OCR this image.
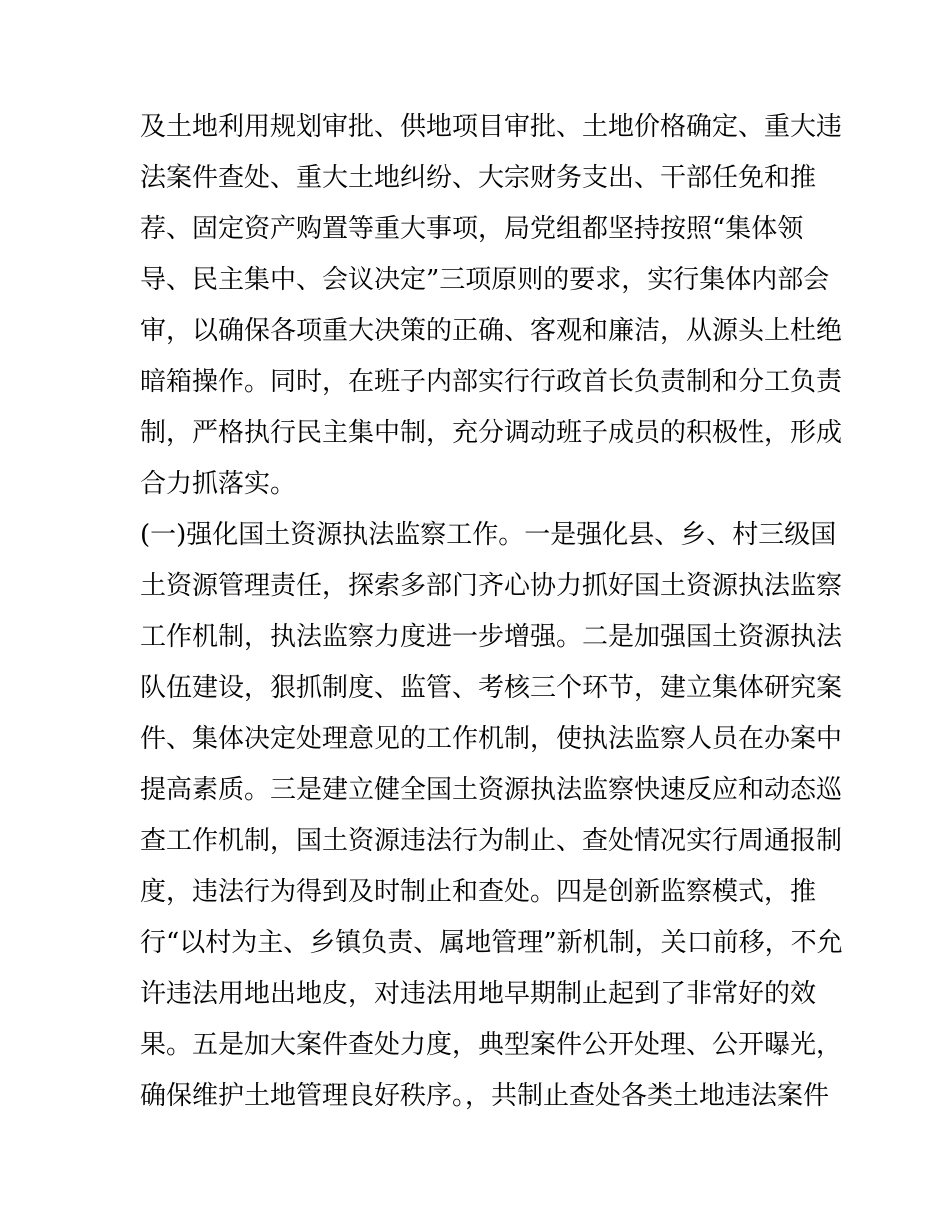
及土地利用规划审批、供地项目审批、土地价格确定、重大违
法案件查处、重大土地纠纷、大宗财务支出、干部任免和推
荐、固定资产购置等重大事项，局党组都坚持按照“集体领
导、民主集中、会议决定”三项原则的要求，实行集体内部会
审，以确保各项重大决策的正确、客观和廉洁，从源头上杜绝
暗箱操作。同时，在班子内部实行行政首长负责制和分工负责
制，严格执行民主集中制，充分调动班子成员的积极性，形成
合力抓落实。
(一)强化国土资源执法监察工作。一是强化县、乡、村三级国
土资源管理责任，探索多部门齐心协力抓好国土资源执法监察
工作机制，执法监察力度进一步增强。二是加强国土资源执法
队伍建设，狠抓制度、监管、考核三个环节，建立集体研究案
件、集体决定处理意见的工作机制，使执法监察人员在办案中
提高素质。三是建立健全国土资源执法监察快速反应和动态巡
查工作机制，国土资源违法行为制止、查处情况实行周通报制
度，违法行为得到及时制止和查处。四是创新监察模式，推
行“以村为主、乡镇负责、属地管理”新机制，关口前移，不允
许违法用地出地皮，对违法用地早期制止起到了非常好的效
果。五是加大案件查处力度，典型案件公开处理、公开曝光，
确保维护土地管理良好秩序。，共制止查处各类土地违法案件
